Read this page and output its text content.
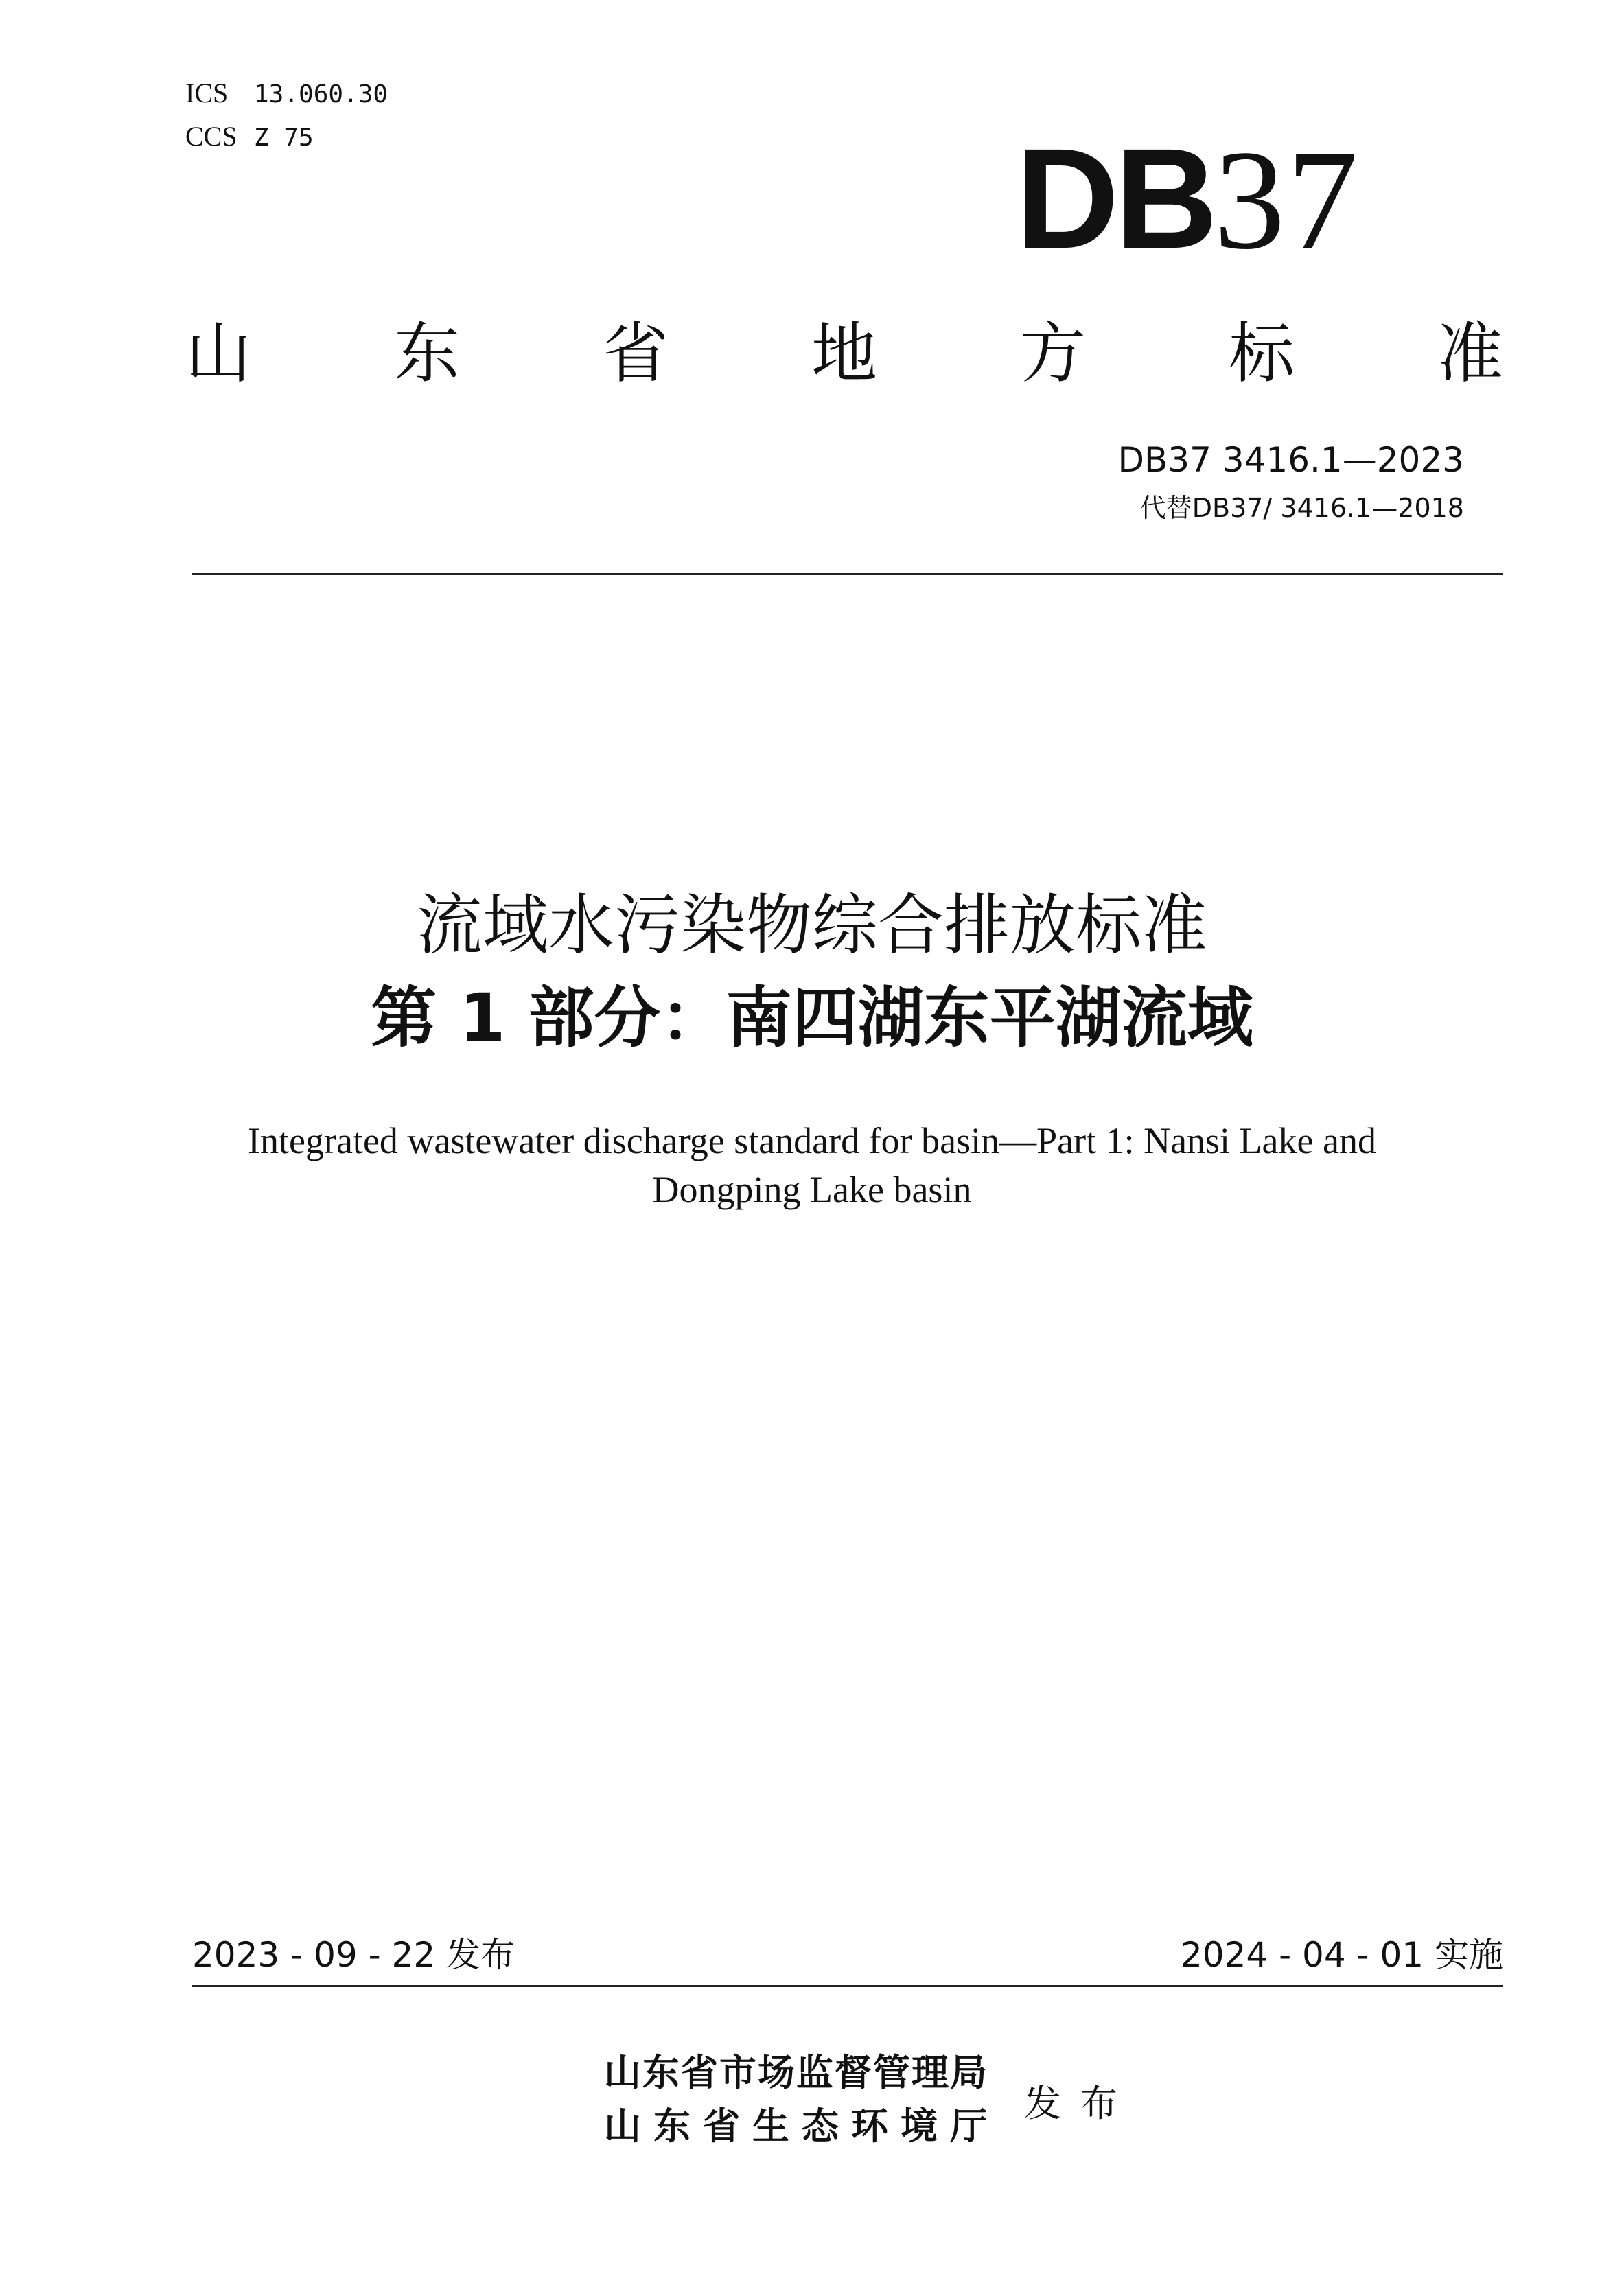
ICS 13.060.30
CCS Z 75	DB37
山 东 省 地 方 标 准
DB37 3416.1—2023
代替DB37/ 3416.1—2018
流域水污染物综合排放标准
第 1 部分：南四湖东平湖流域
Integrated wastewater discharge standard for basin—Part 1: Nansi Lake and
Dongping Lake basin
2023 - 09 - 22 发布	2024 - 04 - 01 实施
山东省市场监督管理局
山东省生态环境厅
发布
